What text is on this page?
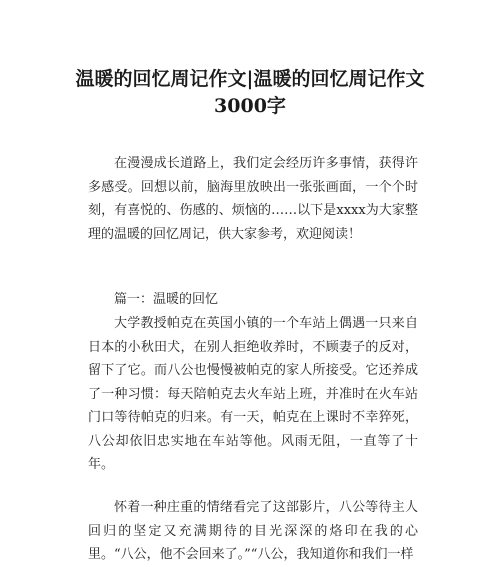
温暖的回忆周记作文|温暖的回忆周记作文3000字

在漫漫成长道路上，我们定会经历许多事情，获得许多感受。回想以前，脑海里放映出一张张画面，一个个时刻，有喜悦的、伤感的、烦恼的……以下是xxxx为大家整理的温暖的回忆周记，供大家参考，欢迎阅读！

篇一：温暖的回忆

大学教授帕克在英国小镇的一个车站上偶遇一只来自日本的小秋田犬，在别人拒绝收养时，不顾妻子的反对，留下了它。而八公也慢慢被帕克的家人所接受。它还养成了一种习惯：每天陪帕克去火车站上班，并准时在火车站门口等待帕克的归来。有一天，帕克在上课时不幸猝死，八公却依旧忠实地在车站等他。风雨无阻，一直等了十年。

怀着一种庄重的情绪看完了这部影片，八公等待主人回归的坚定又充满期待的目光深深的烙印在我的心里。“八公，他不会回来了。”“八公，我知道你和我们一样
